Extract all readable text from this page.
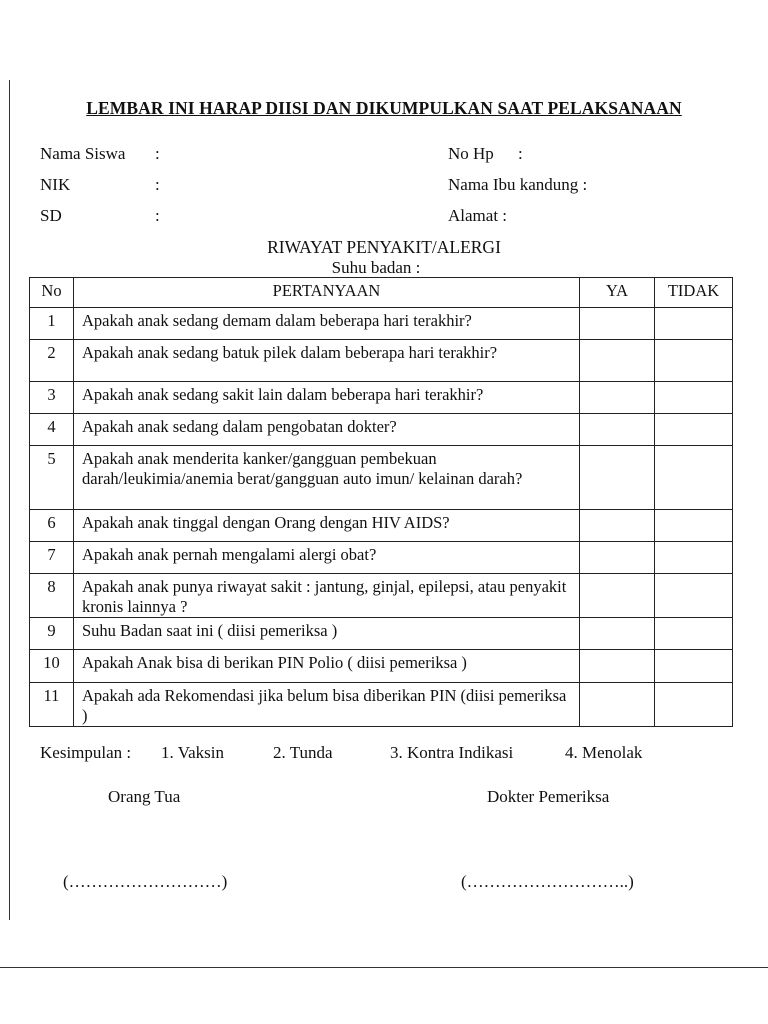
LEMBAR INI HARAP DIISI DAN DIKUMPULKAN SAAT PELAKSANAAN
Nama Siswa :
NIK	:
SD	:
No Hp :
Nama Ibu kandung :
Alamat :
RIWAYAT PENYAKIT/ALERGI
Suhu badan :
No	PERTANYAAN	YA	TIDAK
1	Apakah anak sedang demam dalam beberapa hari terakhir?		
2	Apakah anak sedang batuk pilek dalam beberapa hari terakhir?		
3	Apakah anak sedang sakit lain dalam beberapa hari terakhir?		
4	Apakah anak sedang dalam pengobatan dokter?		
5	Apakah anak menderita kanker/gangguan pembekuan darah/leukimia/anemia berat/gangguan auto imun/ kelainan darah?		
6	Apakah anak tinggal dengan Orang dengan HIV AIDS?		
7	Apakah anak pernah mengalami alergi obat?		
8	Apakah anak punya riwayat sakit : jantung, ginjal, epilepsi, atau penyakit kronis lainnya ?		
9	Suhu Badan saat ini ( diisi pemeriksa )		
10	Apakah Anak bisa di berikan PIN Polio ( diisi pemeriksa )		
11	Apakah ada Rekomendasi jika belum bisa diberikan PIN (diisi pemeriksa )		
Kesimpulan : 1. Vaksin	2. Tunda	3. Kontra Indikasi	4. Menolak
Orang Tua	Dokter Pemeriksa
(………………………)	(………………………..)
